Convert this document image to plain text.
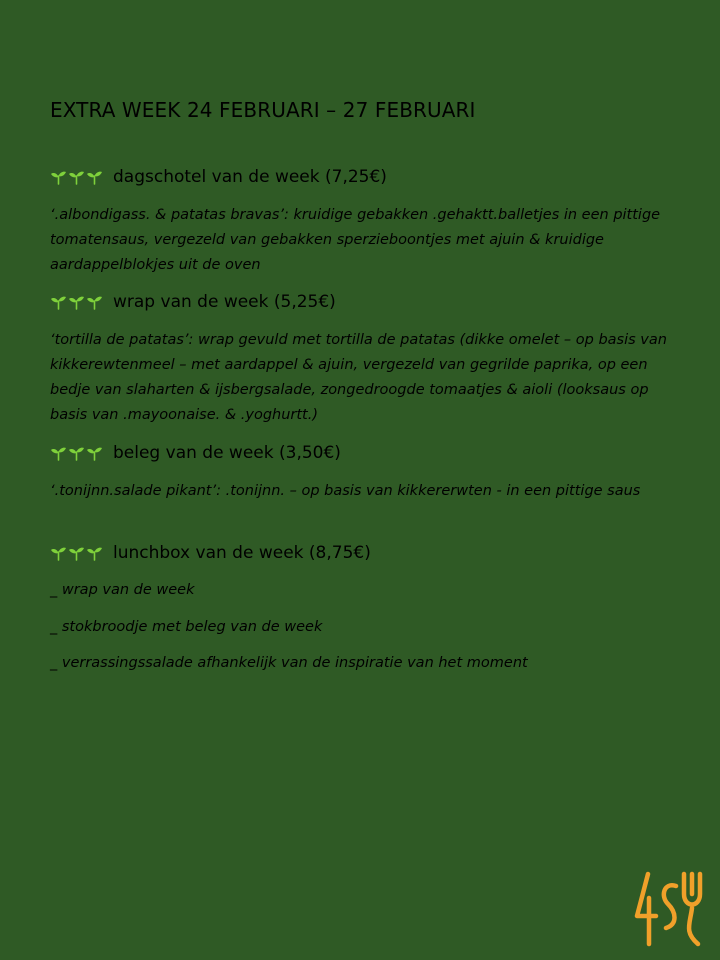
EXTRA WEEK 24 FEBRUARI – 27 FEBRUARI
dagschotel van de week (7,25€)

‘.albondigass. & patatas bravas’: kruidige gebakken .gehaktt.balletjes in een pittige tomatensaus, vergezeld van gebakken sperzieboontjes met ajuin & kruidige aardappelblokjes uit de oven

wrap van de week (5,25€)

‘tortilla de patatas’: wrap gevuld met tortilla de patatas (dikke omelet – op basis van kikkerewtenmeel – met aardappel & ajuin, vergezeld van gegrilde paprika, op een bedje van slaharten & ijsbergsalade, zongedroogde tomaatjes & aioli (looksaus op basis van .mayoonaise. & .yoghurtt.)

beleg van de week (3,50€)

‘.tonijnn.salade pikant’: .tonijnn. – op basis van kikkererwten - in een pittige saus

lunchbox van de week (8,75€)

_ wrap van de week

_ stokbroodje met beleg van de week

_ verrassingssalade afhankelijk van de inspiratie van het moment
